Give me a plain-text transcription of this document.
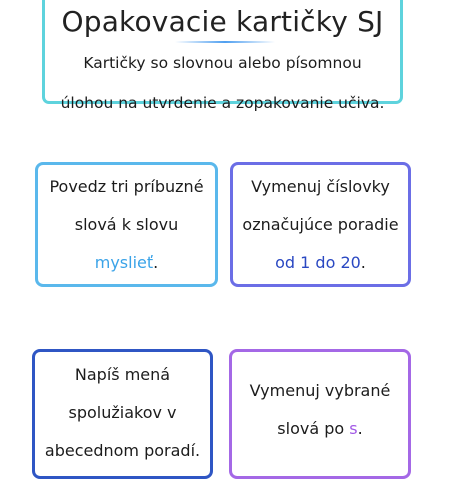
Opakovacie kartičky SJ
Kartičky so slovnou alebo písomnou
úlohou na utvrdenie a zopakovanie učiva.
Povedz tri príbuzné
slová k slovu
myslieť.
Vymenuj číslovky
označujúce poradie
od 1 do 20.
Napíš mená
spolužiakov v
abecednom poradí.
Vymenuj vybrané
slová po s.
